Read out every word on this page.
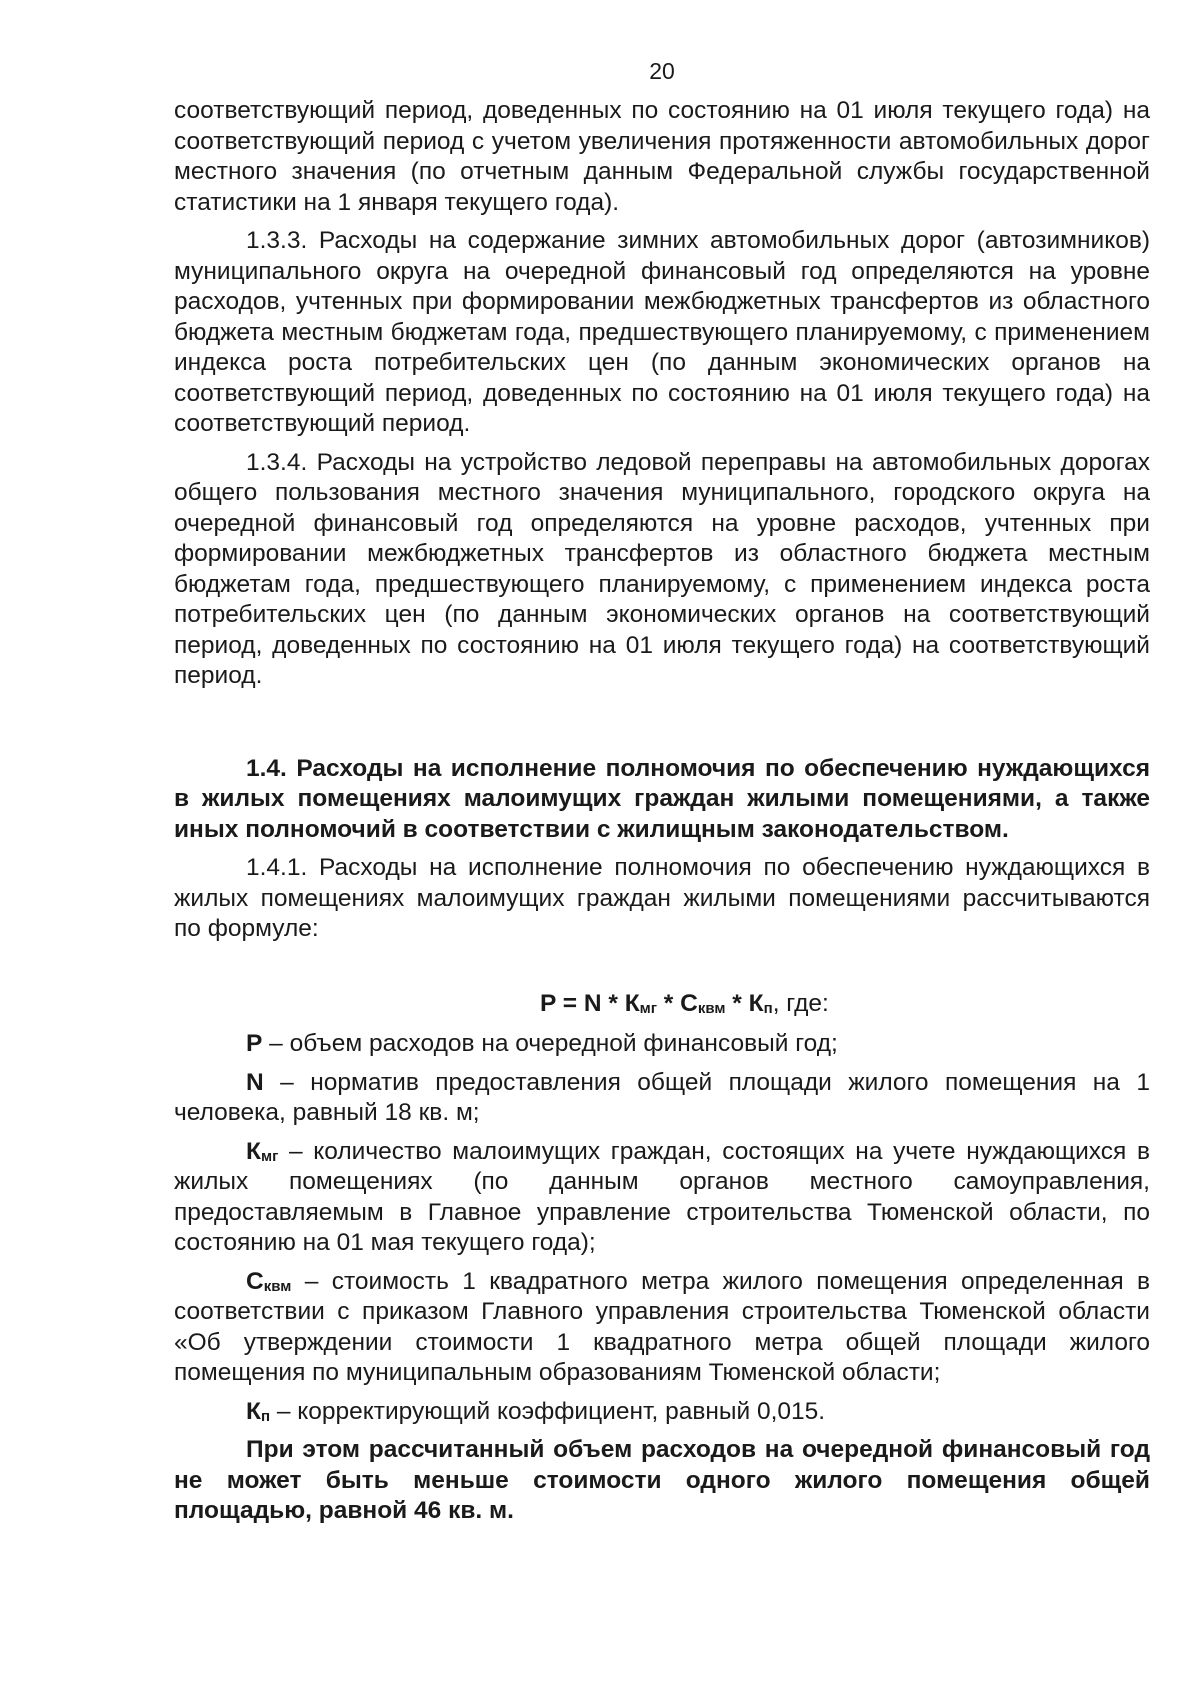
20

соответствующий период, доведенных по состоянию на 01 июля текущего года) на соответствующий период с учетом увеличения протяженности автомобильных дорог местного значения (по отчетным данным Федеральной службы государственной статистики на 1 января текущего года).

1.3.3. Расходы на содержание зимних автомобильных дорог (автозимников) муниципального округа на очередной финансовый год определяются на уровне расходов, учтенных при формировании межбюджетных трансфертов из областного бюджета местным бюджетам года, предшествующего планируемому, с применением индекса роста потребительских цен (по данным экономических органов на соответствующий период, доведенных по состоянию на 01 июля текущего года) на соответствующий период.

1.3.4. Расходы на устройство ледовой переправы на автомобильных дорогах общего пользования местного значения муниципального, городского округа на очередной финансовый год определяются на уровне расходов, учтенных при формировании межбюджетных трансфертов из областного бюджета местным бюджетам года, предшествующего планируемому, с применением индекса роста потребительских цен (по данным экономических органов на соответствующий период, доведенных по состоянию на 01 июля текущего года) на соответствующий период.

1.4. Расходы на исполнение полномочия по обеспечению нуждающихся в жилых помещениях малоимущих граждан жилыми помещениями, а также иных полномочий в соответствии с жилищным законодательством.

1.4.1. Расходы на исполнение полномочия по обеспечению нуждающихся в жилых помещениях малоимущих граждан жилыми помещениями рассчитываются по формуле:

$P = N * К_{мг} * С_{квм} * К_п$, где:

Р – объем расходов на очередной финансовый год;

N – норматив предоставления общей площади жилого помещения на 1 человека, равный 18 кв. м;

$К_{мг}$ – количество малоимущих граждан, состоящих на учете нуждающихся в жилых помещениях (по данным органов местного самоуправления, предоставляемым в Главное управление строительства Тюменской области, по состоянию на 01 мая текущего года);

$С_{квм}$ – стоимость 1 квадратного метра жилого помещения определенная в соответствии с приказом Главного управления строительства Тюменской области «Об утверждении стоимости 1 квадратного метра общей площади жилого помещения по муниципальным образованиям Тюменской области;

$К_п$ – корректирующий коэффициент, равный 0,015.

При этом рассчитанный объем расходов на очередной финансовый год не может быть меньше стоимости одного жилого помещения общей площадью, равной 46 кв. м.
